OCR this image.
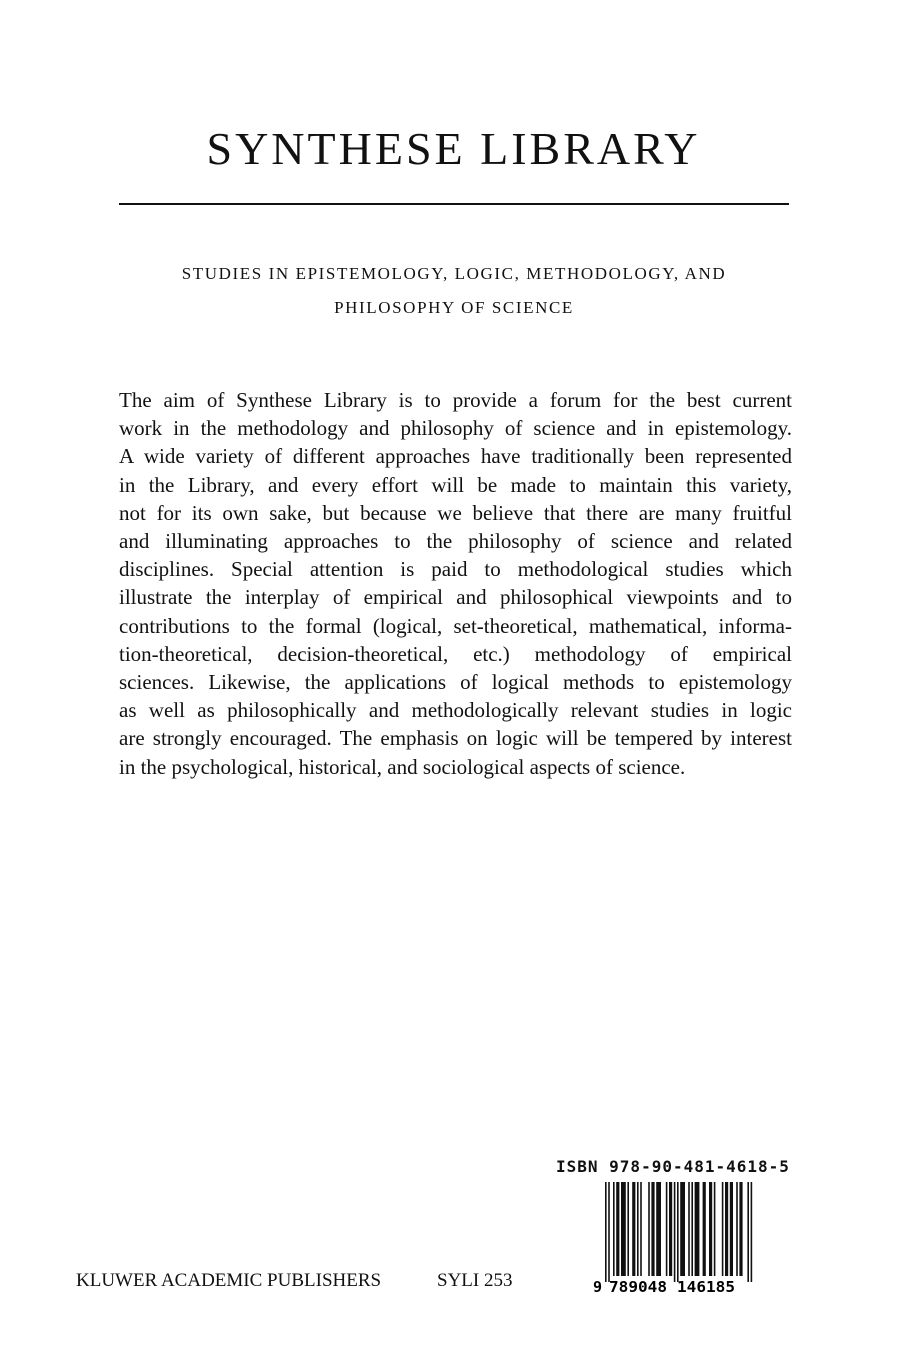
SYNTHESE LIBRARY

STUDIES IN EPISTEMOLOGY, LOGIC, METHODOLOGY, AND
PHILOSOPHY OF SCIENCE

The aim of Synthese Library is to provide a forum for the best current
work in the methodology and philosophy of science and in epistemology.
A wide variety of different approaches have traditionally been represented
in the Library, and every effort will be made to maintain this variety,
not for its own sake, but because we believe that there are many fruitful
and illuminating approaches to the philosophy of science and related
disciplines. Special attention is paid to methodological studies which
illustrate the interplay of empirical and philosophical viewpoints and to
contributions to the formal (logical, set-theoretical, mathematical, informa-
tion-theoretical, decision-theoretical, etc.) methodology of empirical
sciences. Likewise, the applications of logical methods to epistemology
as well as philosophically and methodologically relevant studies in logic
are strongly encouraged. The emphasis on logic will be tempered by interest
in the psychological, historical, and sociological aspects of science.

ISBN 978-90-481-4618-5
9 789048 146185
KLUWER ACADEMIC PUBLISHERS	SYLI 253
